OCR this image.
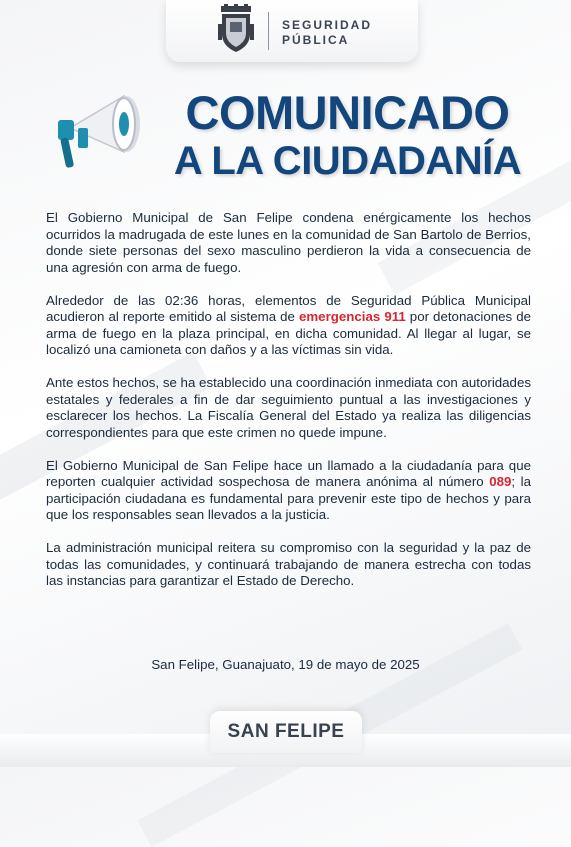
SEGURIDAD
PÚBLICA
COMUNICADO
A LA CIUDADANÍA

El Gobierno Municipal de San Felipe condena enérgicamente los hechos ocurridos la madrugada de este lunes en la comunidad de San Bartolo de Berrios, donde siete personas del sexo masculino perdieron la vida a consecuencia de una agresión con arma de fuego.

Alrededor de las 02:36 horas, elementos de Seguridad Pública Municipal acudieron al reporte emitido al sistema de emergencias 911 por detonaciones de arma de fuego en la plaza principal, en dicha comunidad. Al llegar al lugar, se localizó una camioneta con daños y a las víctimas sin vida.

Ante estos hechos, se ha establecido una coordinación inmediata con autoridades estatales y federales a fin de dar seguimiento puntual a las investigaciones y esclarecer los hechos. La Fiscalía General del Estado ya realiza las diligencias correspondientes para que este crimen no quede impune.

El Gobierno Municipal de San Felipe hace un llamado a la ciudadanía para que reporten cualquier actividad sospechosa de manera anónima al número 089; la participación ciudadana es fundamental para prevenir este tipo de hechos y para que los responsables sean llevados a la justicia.

La administración municipal reitera su compromiso con la seguridad y la paz de todas las comunidades, y continuará trabajando de manera estrecha con todas las instancias para garantizar el Estado de Derecho.

San Felipe, Guanajuato, 19 de mayo de 2025
SAN FELIPE
